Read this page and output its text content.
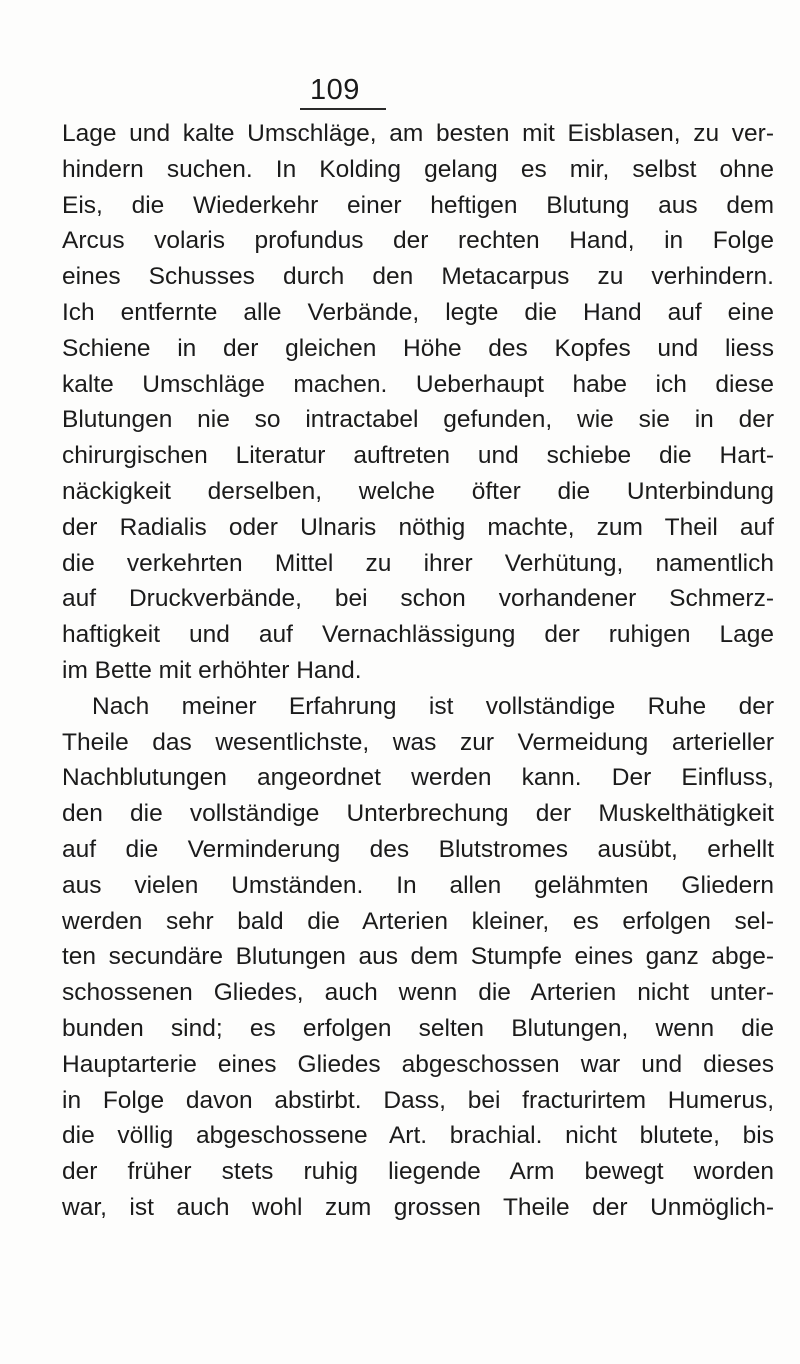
109
Lage und kalte Umschläge, am besten mit Eisblasen, zu ver-
hindern suchen. In Kolding gelang es mir, selbst ohne
Eis, die Wiederkehr einer heftigen Blutung aus dem
Arcus volaris profundus der rechten Hand, in Folge
eines Schusses durch den Metacarpus zu verhindern.
Ich entfernte alle Verbände, legte die Hand auf eine
Schiene in der gleichen Höhe des Kopfes und liess
kalte Umschläge machen. Ueberhaupt habe ich diese
Blutungen nie so intractabel gefunden, wie sie in der
chirurgischen Literatur auftreten und schiebe die Hart-
näckigkeit derselben, welche öfter die Unterbindung
der Radialis oder Ulnaris nöthig machte, zum Theil auf
die verkehrten Mittel zu ihrer Verhütung, namentlich
auf Druckverbände, bei schon vorhandener Schmerz-
haftigkeit und auf Vernachlässigung der ruhigen Lage
im Bette mit erhöhter Hand.
Nach meiner Erfahrung ist vollständige Ruhe der
Theile das wesentlichste, was zur Vermeidung arterieller
Nachblutungen angeordnet werden kann. Der Einfluss,
den die vollständige Unterbrechung der Muskelthätigkeit
auf die Verminderung des Blutstromes ausübt, erhellt
aus vielen Umständen. In allen gelähmten Gliedern
werden sehr bald die Arterien kleiner, es erfolgen sel-
ten secundäre Blutungen aus dem Stumpfe eines ganz abge-
schossenen Gliedes, auch wenn die Arterien nicht unter-
bunden sind; es erfolgen selten Blutungen, wenn die
Hauptarterie eines Gliedes abgeschossen war und dieses
in Folge davon abstirbt. Dass, bei fracturirtem Humerus,
die völlig abgeschossene Art. brachial. nicht blutete, bis
der früher stets ruhig liegende Arm bewegt worden
war, ist auch wohl zum grossen Theile der Unmöglich-
